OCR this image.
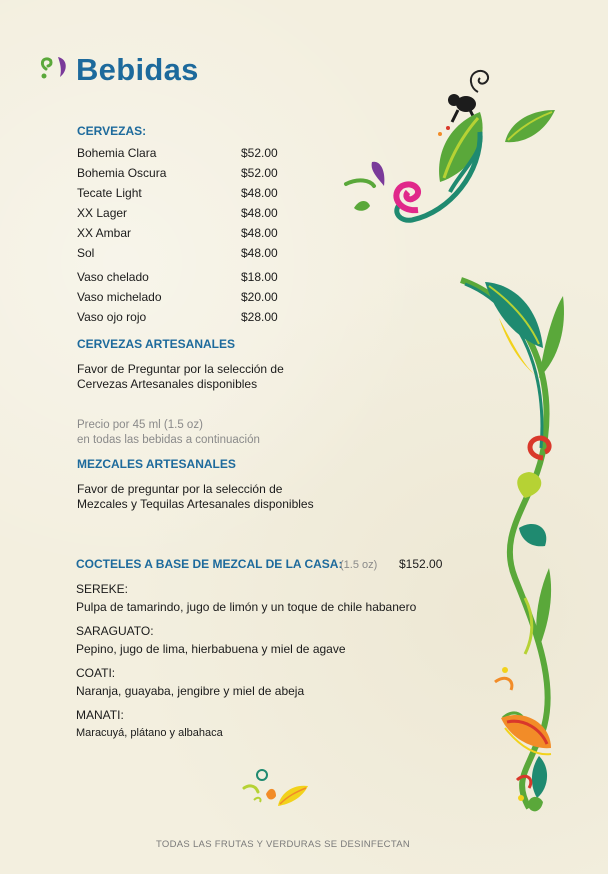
Bebidas
CERVEZAS:
Bohemia Clara	$52.00
Bohemia Oscura	$52.00
Tecate Light	$48.00
XX Lager	$48.00
XX Ambar	$48.00
Sol	$48.00
Vaso chelado	$18.00
Vaso michelado	$20.00
Vaso ojo rojo	$28.00
CERVEZAS ARTESANALES
Favor de Preguntar por la selección de
Cervezas Artesanales disponibles
Precio por 45 ml (1.5 oz)
en todas las bebidas a continuación
MEZCALES ARTESANALES
Favor de preguntar por la selección de
Mezcales y Tequilas Artesanales disponibles
COCTELES A BASE DE MEZCAL DE LA CASA:
(1.5 oz) $152.00
SEREKE:
Pulpa de tamarindo, jugo de limón y un toque de chile habanero
SARAGUATO:
Pepino, jugo de lima, hierbabuena y miel de agave
COATI:
Naranja, guayaba, jengibre y miel de abeja
MANATI:
Maracuyá, plátano y albahaca
TODAS LAS FRUTAS Y VERDURAS SE DESINFECTAN
